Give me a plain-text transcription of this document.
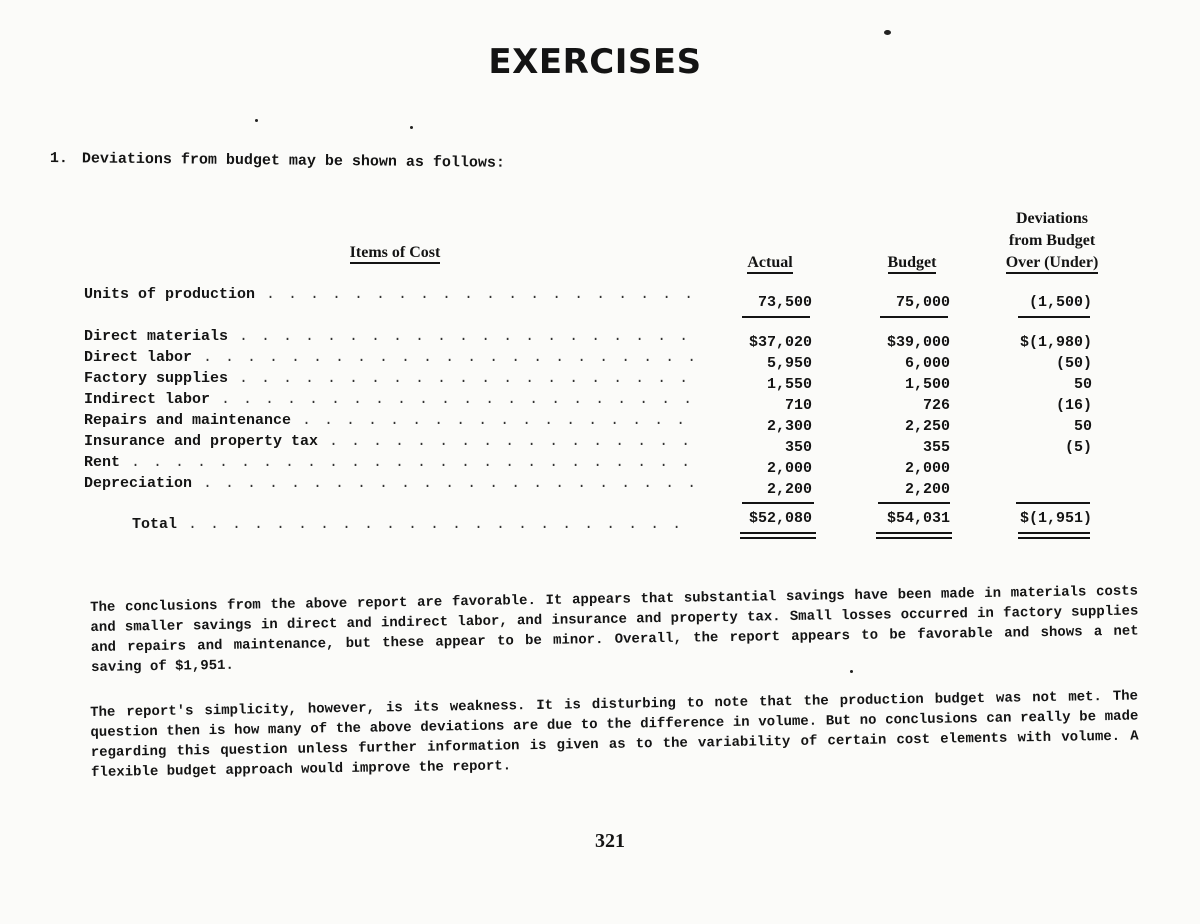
EXERCISES
1. Deviations from budget may be shown as follows:
Items of Cost
Actual	Budget
Deviations
from Budget
Over (Under)
Units of production . . .	73,500	75,000	(1,500)
Direct materials . . .	$37,020	$39,000	$(1,980)
Direct labor . . .	5,950	6,000	(50)
Factory supplies . . .	1,550	1,500	50
Indirect labor . . .	710	726	(16)
Repairs and maintenance . . .	2,300	2,250	50
Insurance and property tax . . .	350	355	(5)
Rent . . .	2,000	2,000
Depreciation . . .	2,200	2,200
Total . . .	$52,080	$54,031	$(1,951)
The conclusions from the above report are favorable. It appears that substantial savings have been made in materials costs and smaller savings in direct and indirect labor, and insurance and property tax. Small losses occurred in factory supplies and repairs and maintenance, but these appear to be minor. Overall, the report appears to be favorable and shows a net saving of $1,951.
The report's simplicity, however, is its weakness. It is disturbing to note that the production budget was not met. The question then is how many of the above deviations are due to the difference in volume. But no conclusions can really be made regarding this question unless further information is given as to the variability of certain cost elements with volume. A flexible budget approach would improve the report.
321
